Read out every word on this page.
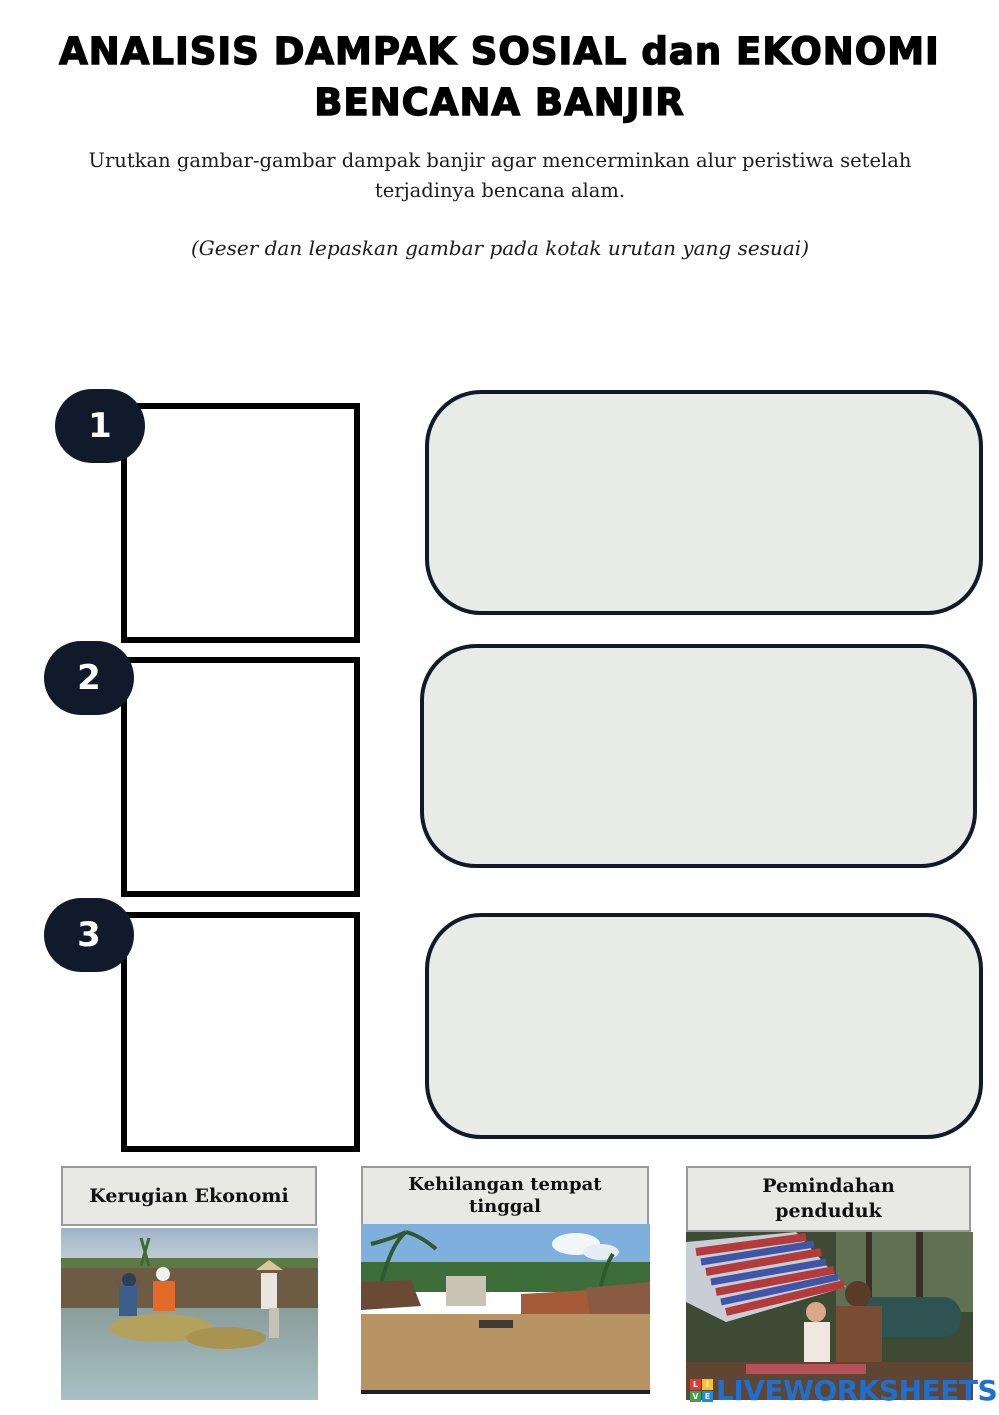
ANALISIS DAMPAK SOSIAL dan EKONOMI
BENCANA BANJIR
Urutkan gambar-gambar dampak banjir agar mencerminkan alur peristiwa setelah
terjadinya bencana alam.
(Geser dan lepaskan gambar pada kotak urutan yang sesuai)
1
2
3
Kerugian Ekonomi
Kehilangan tempat
tinggal
Pemindahan
penduduk
L I
V E LIVEWORKSHEETS
